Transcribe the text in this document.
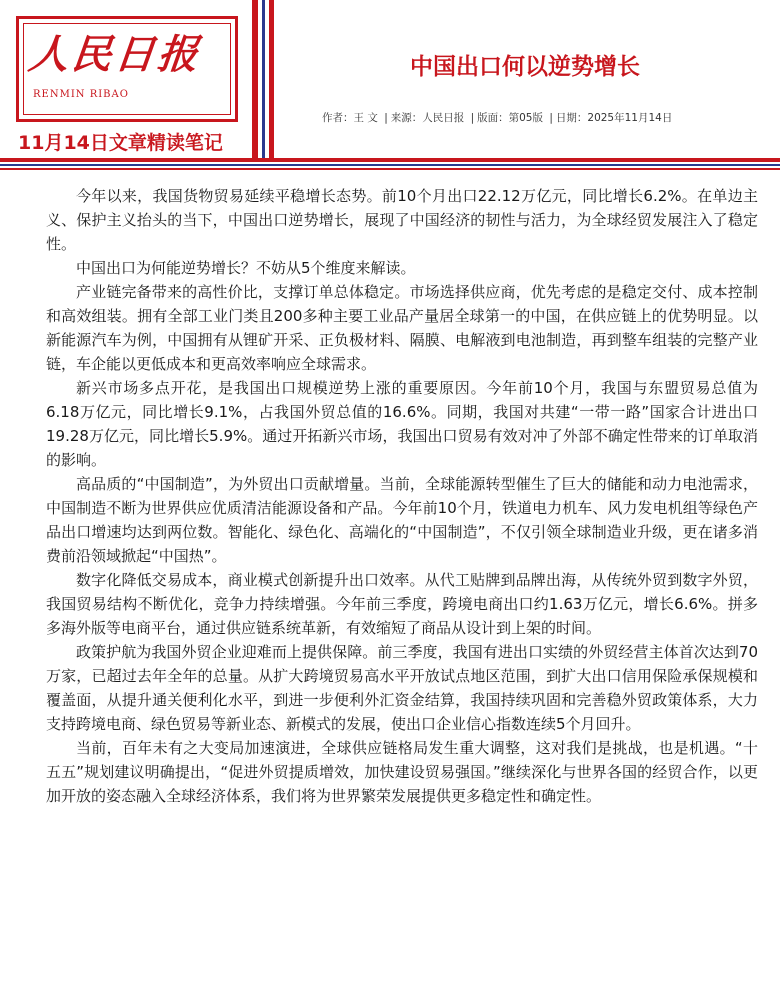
人民日报
RENMIN RIBAO
11月14日文章精读笔记
中国出口何以逆势增长
作者：王 文 | 来源：人民日报 | 版面：第05版 | 日期：2025年11月14日

今年以来，我国货物贸易延续平稳增长态势。前10个月出口22.12万亿元，同比增长6.2%。在单边主义、保护主义抬头的当下，中国出口逆势增长，展现了中国经济的韧性与活力，为全球经贸发展注入了稳定性。

中国出口为何能逆势增长？不妨从5个维度来解读。

产业链完备带来的高性价比，支撑订单总体稳定。市场选择供应商，优先考虑的是稳定交付、成本控制和高效组装。拥有全部工业门类且200多种主要工业品产量居全球第一的中国，在供应链上的优势明显。以新能源汽车为例，中国拥有从锂矿开采、正负极材料、隔膜、电解液到电池制造，再到整车组装的完整产业链，车企能以更低成本和更高效率响应全球需求。

新兴市场多点开花，是我国出口规模逆势上涨的重要原因。今年前10个月，我国与东盟贸易总值为6.18万亿元，同比增长9.1%，占我国外贸总值的16.6%。同期，我国对共建“一带一路”国家合计进出口19.28万亿元，同比增长5.9%。通过开拓新兴市场，我国出口贸易有效对冲了外部不确定性带来的订单取消的影响。

高品质的“中国制造”，为外贸出口贡献增量。当前，全球能源转型催生了巨大的储能和动力电池需求，中国制造不断为世界供应优质清洁能源设备和产品。今年前10个月，铁道电力机车、风力发电机组等绿色产品出口增速均达到两位数。智能化、绿色化、高端化的“中国制造”，不仅引领全球制造业升级，更在诸多消费前沿领域掀起“中国热”。

数字化降低交易成本，商业模式创新提升出口效率。从代工贴牌到品牌出海，从传统外贸到数字外贸，我国贸易结构不断优化，竞争力持续增强。今年前三季度，跨境电商出口约1.63万亿元，增长6.6%。拼多多海外版等电商平台，通过供应链系统革新，有效缩短了商品从设计到上架的时间。

政策护航为我国外贸企业迎难而上提供保障。前三季度，我国有进出口实绩的外贸经营主体首次达到70万家，已超过去年全年的总量。从扩大跨境贸易高水平开放试点地区范围，到扩大出口信用保险承保规模和覆盖面，从提升通关便利化水平，到进一步便利外汇资金结算，我国持续巩固和完善稳外贸政策体系，大力支持跨境电商、绿色贸易等新业态、新模式的发展，使出口企业信心指数连续5个月回升。

当前，百年未有之大变局加速演进，全球供应链格局发生重大调整，这对我们是挑战，也是机遇。“十五五”规划建议明确提出，“促进外贸提质增效，加快建设贸易强国。”继续深化与世界各国的经贸合作，以更加开放的姿态融入全球经济体系，我们将为世界繁荣发展提供更多稳定性和确定性。
